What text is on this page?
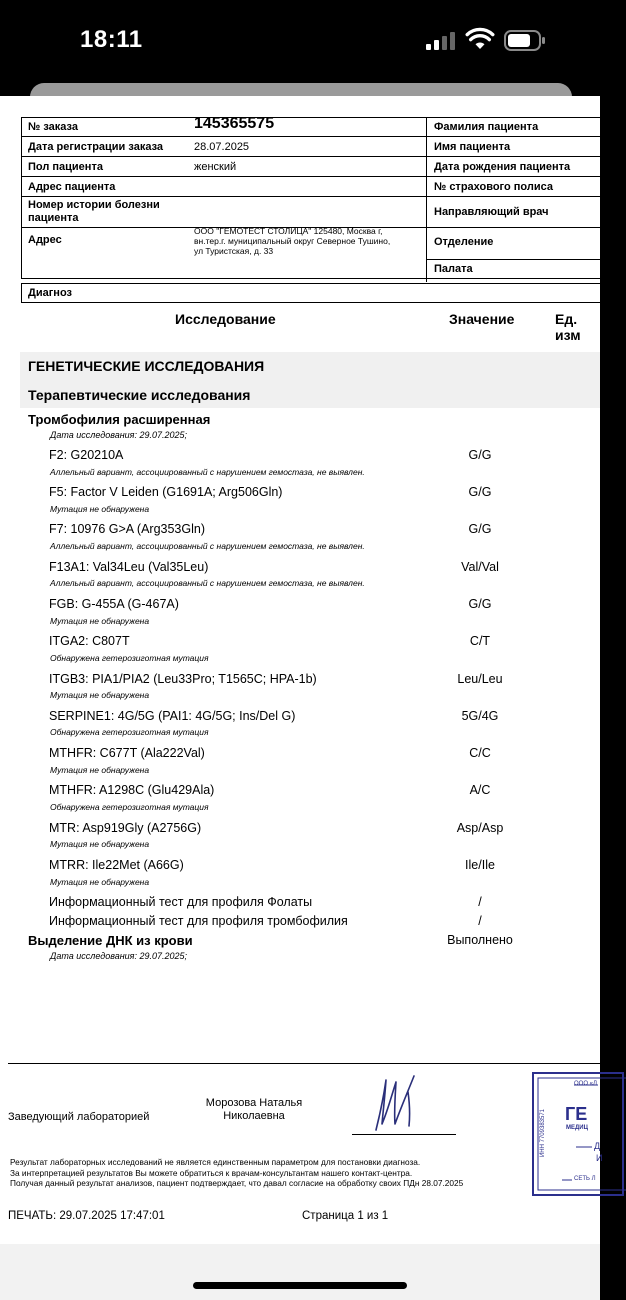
18:11
№ заказа	145365575
Дата регистрации заказа	28.07.2025
Пол пациента	женский
Адрес пациента
Номер истории болезни
пациента
Адрес
ООО "ГЕМОТЕСТ СТОЛИЦА" 125480, Москва г,
вн.тер.г. муниципальный округ Северное Тушино,
ул Туристская, д. 33
Фамилия пациента
Имя пациента
Дата рождения пациента
№ страхового полиса
Направляющий врач
Отделение
Палата
Диагноз
Исследование	Значение	Ед. изм
ГЕНЕТИЧЕСКИЕ ИССЛЕДОВАНИЯ
Терапевтические исследования
Тромбофилия расширенная
Дата исследования: 29.07.2025;
F2: G20210A	G/G
Аллельный вариант, ассоциированный с нарушением гемостаза, не выявлен.
F5: Factor V Leiden (G1691A; Arg506Gln)	G/G
Мутация не обнаружена
F7: 10976 G>A (Arg353Gln)	G/G
Аллельный вариант, ассоциированный с нарушением гемостаза, не выявлен.
F13A1: Val34Leu (Val35Leu)	Val/Val
Аллельный вариант, ассоциированный с нарушением гемостаза, не выявлен.
FGB: G-455A (G-467A)	G/G
Мутация не обнаружена
ITGA2: C807T	C/T
Обнаружена гетерозиготная мутация
ITGB3: PIA1/PIA2 (Leu33Pro; T1565C; HPA-1b)	Leu/Leu
Мутация не обнаружена
SERPINE1: 4G/5G (PAI1: 4G/5G; Ins/Del G)	5G/4G
Обнаружена гетерозиготная мутация
MTHFR: C677T (Ala222Val)	C/C
Мутация не обнаружена
MTHFR: A1298C (Glu429Ala)	A/C
Обнаружена гетерозиготная мутация
MTR: Asp919Gly (A2756G)	Asp/Asp
Мутация не обнаружена
MTRR: Ile22Met (A66G)	Ile/Ile
Мутация не обнаружена
Информационный тест для профиля Фолаты	/
Информационный тест для профиля тромбофилия	/
Выделение ДНК из крови	Выполнено
Дата исследования: 29.07.2025;
Заведующий лабораторией
Морозова Наталья
Николаевна
Результат лабораторных исследований не является единственным параметром для постановки диагноза.
За интерпретацией результатов Вы можете обратиться к врачам-консультантам нашего контакт-центра.
Получая данный результат анализов, пациент подтверждает, что давал согласие на обработку своих ПДн 28.07.2025
ПЕЧАТЬ: 29.07.2025 17:47:01	Страница 1 из 1
ООО «Л
ГЕ
МЕДИЦ
Д
И
СЕТЬ Л
ИНН 7709383571
